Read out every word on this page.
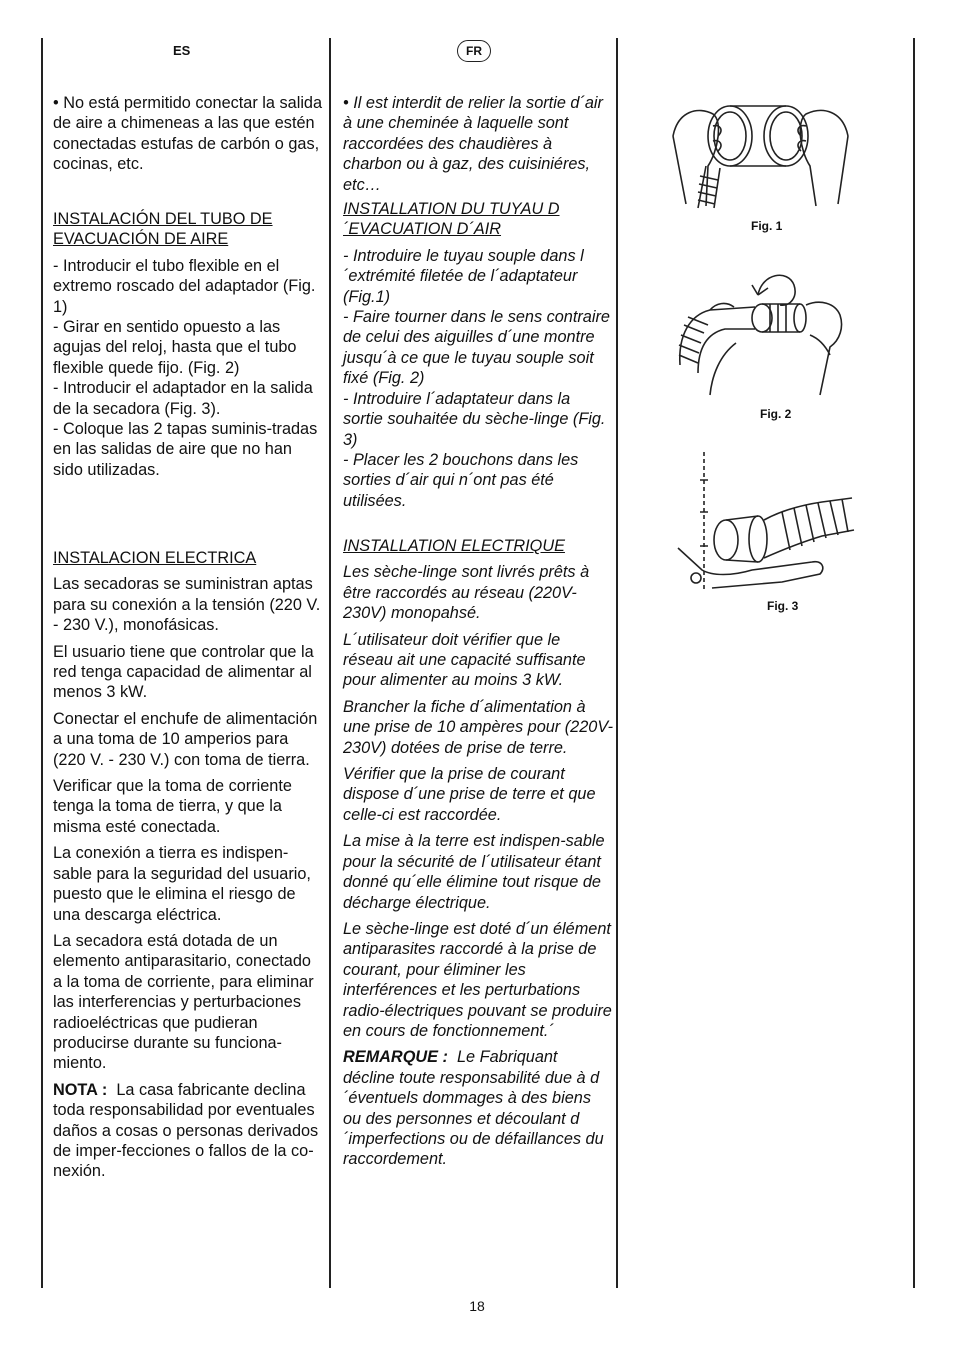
ES	FR

• No está permitido conectar la salida de aire a chimeneas a las que estén conectadas estufas de carbón o gas, cocinas, etc.

INSTALACIÓN DEL TUBO DE EVACUACIÓN DE AIRE

- Introducir el tubo flexible en el extremo roscado del adaptador (Fig. 1)
- Girar en sentido opuesto a las agujas del reloj, hasta que el tubo flexible quede fijo. (Fig. 2)
- Introducir el adaptador en la salida de la secadora (Fig. 3).
- Coloque las 2 tapas suminis-tradas en las salidas de aire que no han sido utilizadas.

INSTALACION ELECTRICA

Las secadoras se suministran aptas para su conexión a la tensión (220 V. - 230 V.), monofásicas.

El usuario tiene que controlar que la red tenga capacidad de alimentar al menos 3 kW.

Conectar el enchufe de alimentación a una toma de 10 amperios para (220 V. - 230 V.) con toma de tierra.

Verificar que la toma de corriente tenga la toma de tierra, y que la misma esté conectada.

La conexión a tierra es indispen-sable para la seguridad del usuario, puesto que le elimina el riesgo de una descarga eléctrica.

La secadora está dotada de un elemento antiparasitario, conectado a la toma de corriente, para eliminar las interferencias y perturbaciones radioeléctricas que pudieran producirse durante su funciona-miento.

NOTA : La casa fabricante declina toda responsabilidad por eventuales daños a cosas o personas derivados de imper-fecciones o fallos de la co-nexión.

• Il est interdit de relier la sortie d´air à une cheminée à laquelle sont raccordées des chaudières à charbon ou à gaz, des cuisiniéres, etc…

INSTALLATION DU TUYAU D´EVACUATION D´AIR

- Introduire le tuyau souple dans l´extrémité filetée de l´adaptateur (Fig.1)
- Faire tourner dans le sens contraire de celui des aiguilles d´une montre jusqu´à ce que le tuyau souple soit fixé (Fig. 2)
- Introduire l´adaptateur dans la sortie souhaitée du sèche-linge (Fig. 3)
- Placer les 2 bouchons dans les sorties d´air qui n´ont pas été utilisées.

INSTALLATION ELECTRIQUE

Les sèche-linge sont livrés prêts à être raccordés au réseau (220V-230V) monopahsé.

L´utilisateur doit vérifier que le réseau ait une capacité suffisante pour alimenter au moins 3 kW.

Brancher la fiche d´alimentation à une prise de 10 ampères pour (220V-230V) dotées de prise de terre.

Vérifier que la prise de courant dispose d´une prise de terre et que celle-ci est raccordée.

La mise à la terre est indispen-sable pour la sécurité de l´utilisateur étant donné qu´elle élimine tout risque de décharge électrique.

Le sèche-linge est doté d´un élément antiparasites raccordé à la prise de courant, pour éliminer les interférences et les perturbations radio-électriques pouvant se produire en cours de fonctionnement.´

REMARQUE : Le Fabriquant décline toute responsabilité due à d´éventuels dommages à des biens ou des personnes et découlant d´imperfections ou de défaillances du raccordement.

Fig. 1
Fig. 2
Fig. 3
18
